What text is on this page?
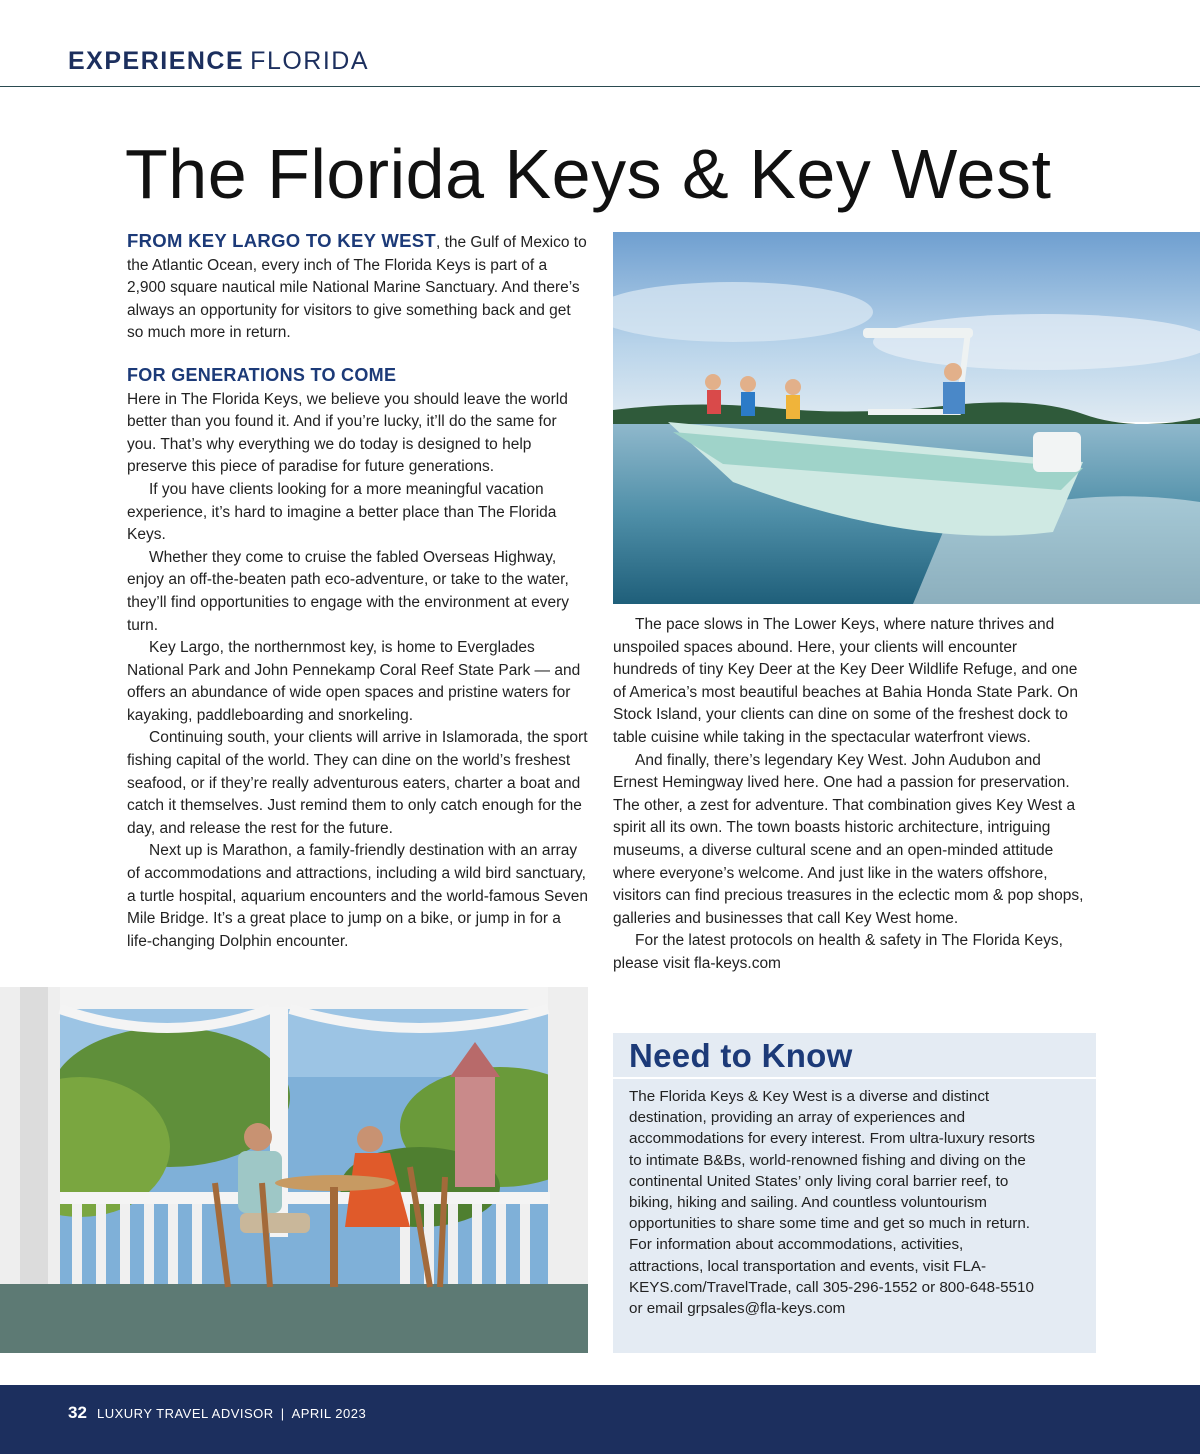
EXPERIENCE FLORIDA
The Florida Keys & Key West

FROM KEY LARGO TO KEY WEST, the Gulf of Mexico to the Atlantic Ocean, every inch of The Florida Keys is part of a 2,900 square nautical mile National Marine Sanctuary. And there’s always an opportunity for visitors to give something back and get so much more in return.

FOR GENERATIONS TO COME

Here in The Florida Keys, we believe you should leave the world better than you found it. And if you’re lucky, it’ll do the same for you. That’s why everything we do today is designed to help preserve this piece of paradise for future generations.

If you have clients looking for a more meaningful vacation experience, it’s hard to imagine a better place than The Florida Keys.

Whether they come to cruise the fabled Overseas Highway, enjoy an off-the-beaten path eco-adventure, or take to the water, they’ll find opportunities to engage with the environment at every turn.

Key Largo, the northernmost key, is home to Everglades National Park and John Pennekamp Coral Reef State Park — and offers an abundance of wide open spaces and pristine waters for kayaking, paddleboarding and snorkeling.

Continuing south, your clients will arrive in Islamorada, the sport fishing capital of the world. They can dine on the world’s freshest seafood, or if they’re really adventurous eaters, charter a boat and catch it themselves. Just remind them to only catch enough for the day, and release the rest for the future.

Next up is Marathon, a family-friendly destination with an array of accommodations and attractions, including a wild bird sanctuary, a turtle hospital, aquarium encounters and the world-famous Seven Mile Bridge. It’s a great place to jump on a bike, or jump in for a life-changing Dolphin encounter.

The pace slows in The Lower Keys, where nature thrives and unspoiled spaces abound. Here, your clients will encounter hundreds of tiny Key Deer at the Key Deer Wildlife Refuge, and one of America’s most beautiful beaches at Bahia Honda State Park. On Stock Island, your clients can dine on some of the freshest dock to table cuisine while taking in the spectacular waterfront views.

And finally, there’s legendary Key West. John Audubon and Ernest Hemingway lived here. One had a passion for preservation. The other, a zest for adventure. That combination gives Key West a spirit all its own. The town boasts historic architecture, intriguing museums, a diverse cultural scene and an open-minded attitude where everyone’s welcome. And just like in the waters offshore, visitors can find precious treasures in the eclectic mom & pop shops, galleries and businesses that call Key West home.

For the latest protocols on health & safety in The Florida Keys, please visit fla-keys.com

Need to Know
The Florida Keys & Key West is a diverse and distinct destination, providing an array of experiences and accommodations for every interest. From ultra-luxury resorts to intimate B&Bs, world-renowned fishing and diving on the continental United States’ only living coral barrier reef, to biking, hiking and sailing. And countless voluntourism opportunities to share some time and get so much in return. For information about accommodations, activities, attractions, local transportation and events, visit FLA-KEYS.com/TravelTrade, call 305-296-1552 or 800-648-5510 or email grpsales@fla-keys.com
32 LUXURY TRAVEL ADVISOR | APRIL 2023
